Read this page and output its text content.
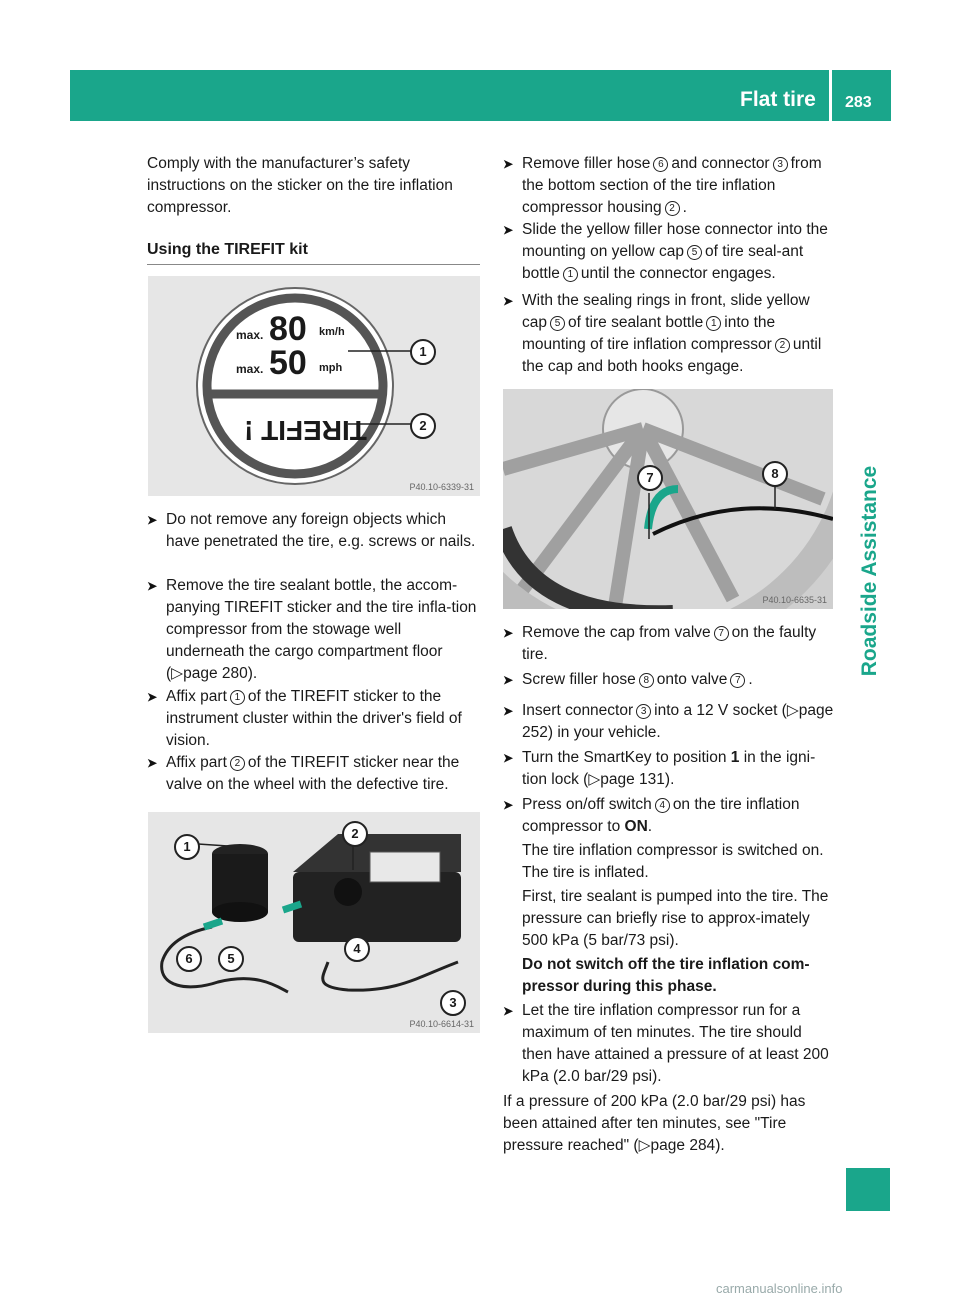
Flat tire 283
Roadside Assistance
Comply with the manufacturer’s safety instructions on the sticker on the tire inflation compressor.
Using the TIREFIT kit
max. 80 km/h
max. 50 mph
TIREFIT !
1
2
P40.10-6339-31
➤ Do not remove any foreign objects which have penetrated the tire, e.g. screws or nails.
➤ Remove the tire sealant bottle, the accom-panying TIREFIT sticker and the tire infla-tion compressor from the stowage well underneath the cargo compartment floor (▷page 280).
➤ Affix part 1 of the TIREFIT sticker to the instrument cluster within the driver's field of vision.
➤ Affix part 2 of the TIREFIT sticker near the valve on the wheel with the defective tire.
1
2
3
4
5
6
P40.10-6614-31
➤ Remove filler hose 6 and connector 3 from the bottom section of the tire inflation compressor housing 2 .
➤ Slide the yellow filler hose connector into the mounting on yellow cap 5 of tire seal-ant bottle 1 until the connector engages.
➤ With the sealing rings in front, slide yellow cap 5 of tire sealant bottle 1 into the mounting of tire inflation compressor 2 until the cap and both hooks engage.
7	8
P40.10-6635-31
➤ Remove the cap from valve 7 on the faulty tire.
➤ Screw filler hose 8 onto valve 7 .
➤ Insert connector 3 into a 12 V socket (▷page 252) in your vehicle.
➤ Turn the SmartKey to position 1 in the igni-tion lock (▷page 131).
➤ Press on/off switch 4 on the tire inflation compressor to ON.
The tire inflation compressor is switched on. The tire is inflated.
First, tire sealant is pumped into the tire. The pressure can briefly rise to approx-imately 500 kPa (5 bar/73 psi).
Do not switch off the tire inflation com-pressor during this phase.
➤ Let the tire inflation compressor run for a maximum of ten minutes. The tire should then have attained a pressure of at least 200 kPa (2.0 bar/29 psi).
If a pressure of 200 kPa (2.0 bar/29 psi) has been attained after ten minutes, see "Tire pressure reached" (▷page 284).
carmanualsonline.info
